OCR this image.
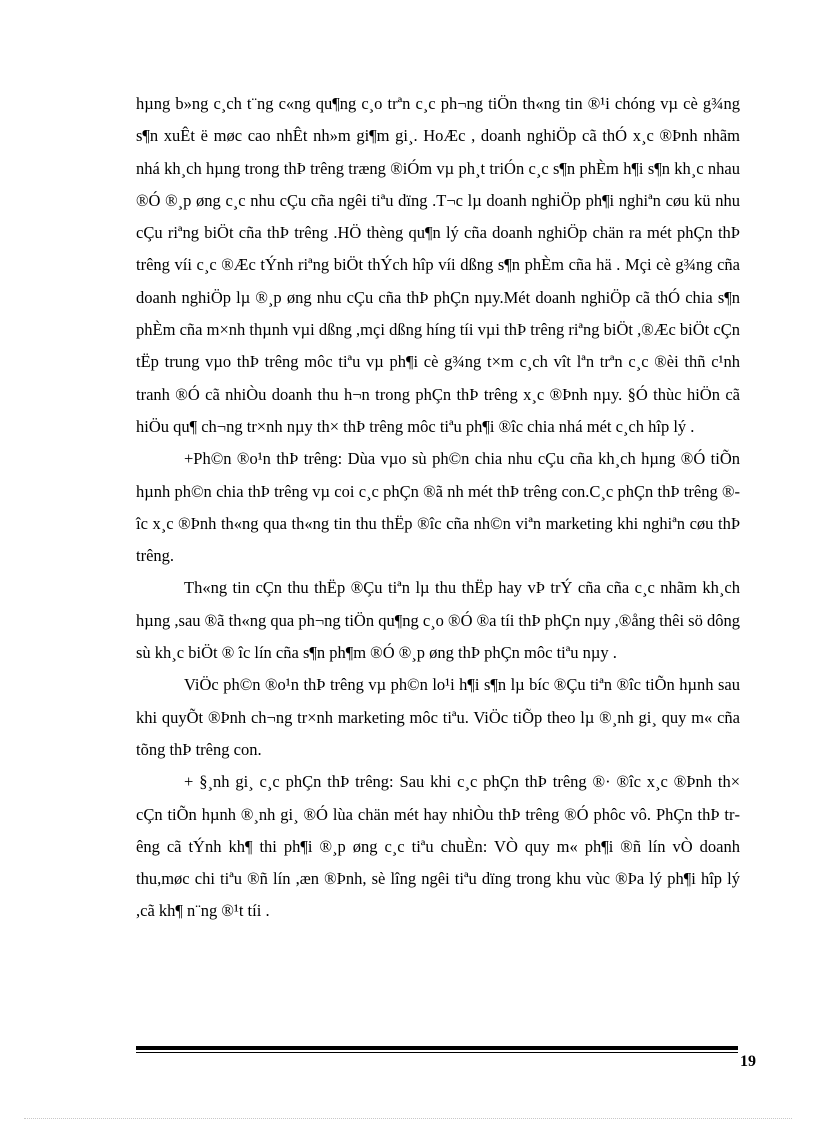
hµng b»ng c¸ch t¨ng c«ng qu¶ng c¸o trªn c¸c ph¬ng tiÖn th«ng tin ®¹i chóng vµ cè g¾ng s¶n xuÊt ë møc cao nhÊt nh»m gi¶m gi¸. HoÆc , doanh nghiÖp cã thÓ x¸c ®Þnh nhãm nhá kh¸ch hµng trong thÞ trêng træng ®iÓm vµ ph¸t triÓn c¸c s¶n phÈm h¶i s¶n kh¸c nhau ®Ó ®¸p øng c¸c nhu cÇu cña ngêi tiªu dïng .T¬c lµ doanh nghiÖp ph¶i nghiªn cøu kü nhu cÇu riªng biÖt cña thÞ trêng .HÖ thèng qu¶n lý cña doanh nghiÖp chän ra mét phÇn thÞ trêng víi c¸c ®Æc tÝnh riªng biÖt thÝch hîp víi dßng s¶n phÈm cña hä . Mçi cè g¾ng cña doanh nghiÖp lµ ®¸p øng nhu cÇu cña thÞ phÇn nµy.Mét doanh nghiÖp cã thÓ chia s¶n phÈm cña m×nh thµnh vµi dßng ,mçi dßng híng tíi vµi thÞ trêng riªng biÖt ,®Æc biÖt cÇn tËp trung vµo thÞ trêng môc tiªu vµ ph¶i cè g¾ng t×m c¸ch vît lªn trªn c¸c ®èi thñ c¹nh tranh ®Ó cã nhiÒu doanh thu h¬n trong phÇn thÞ trêng x¸c ®Þnh nµy. §Ó thùc hiÖn cã hiÖu qu¶ ch¬ng tr×nh nµy th× thÞ trêng môc tiªu ph¶i ®îc chia nhá mét c¸ch hîp lý .

+Ph©n ®o¹n thÞ trêng: Dùa vµo sù ph©n chia nhu cÇu cña kh¸ch hµng ®Ó tiÕn hµnh ph©n chia thÞ trêng vµ coi c¸c phÇn ®ã nh mét thÞ trêng con.C¸c phÇn thÞ trêng ®îc x¸c ®Þnh th«ng qua th«ng tin thu thËp ®îc cña nh©n viªn marketing khi nghiªn cøu thÞ trêng.

Th«ng tin cÇn thu thËp ®Çu tiªn lµ thu thËp hay vÞ trÝ cña cña c¸c nhãm kh¸ch hµng ,sau ®ã th«ng qua ph¬ng tiÖn qu¶ng c¸o ®Ó ®a tíi thÞ phÇn nµy ,®ång thêi sö dông sù kh¸c biÖt ® îc lín cña s¶n ph¶m ®Ó ®¸p øng thÞ phÇn môc tiªu nµy .

ViÖc ph©n ®o¹n thÞ trêng vµ ph©n lo¹i h¶i s¶n lµ bíc ®Çu tiªn ®îc tiÕn hµnh sau khi quyÕt ®Þnh ch¬ng tr×nh marketing môc tiªu. ViÖc tiÕp theo lµ ®¸nh gi¸ quy m« cña tõng thÞ trêng con.

+ §¸nh gi¸ c¸c phÇn thÞ trêng: Sau khi c¸c phÇn thÞ trêng ®· ®îc x¸c ®Þnh th× cÇn tiÕn hµnh ®¸nh gi¸ ®Ó lùa chän mét hay nhiÒu thÞ trêng ®Ó phôc vô. PhÇn thÞ trêng cã tÝnh kh¶ thi ph¶i ®¸p øng c¸c tiªu chuÈn: VÒ quy m« ph¶i ®ñ lín vÒ doanh thu,møc chi tiªu ®ñ lín ,æn ®Þnh, sè lîng ngêi tiªu dïng trong khu vùc ®Þa lý ph¶i hîp lý ,cã kh¶ n¨ng ®¹t tíi .

19
